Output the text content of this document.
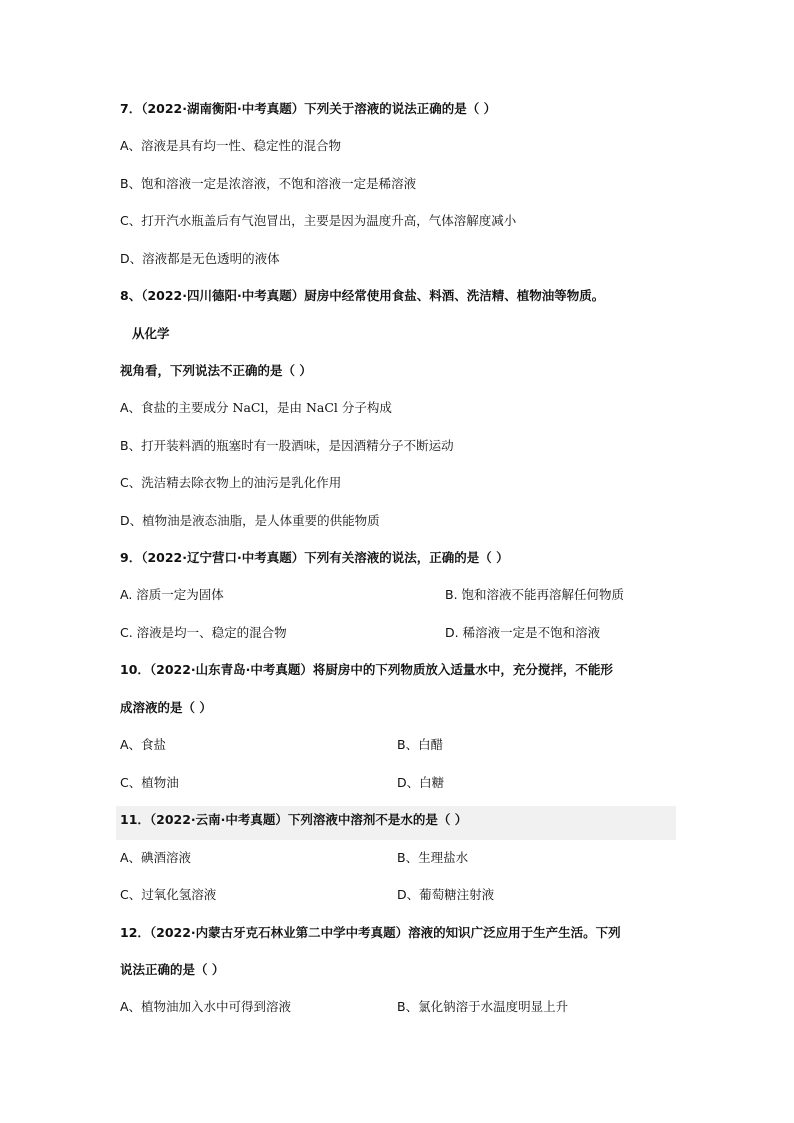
7．（2022·湖南衡阳·中考真题）下列关于溶液的说法正确的是（ ）
A、溶液是具有均一性、稳定性的混合物
B、饱和溶液一定是浓溶液，不饱和溶液一定是稀溶液
C、打开汽水瓶盖后有气泡冒出，主要是因为温度升高，气体溶解度减小
D、溶液都是无色透明的液体
8、（2022·四川德阳·中考真题）厨房中经常使用食盐、料酒、洗洁精、植物油等物质。
从化学
视角看，下列说法不正确的是（ ）
A、食盐的主要成分 NaCl，是由 NaCl 分子构成
B、打开装料酒的瓶塞时有一股酒味，是因酒精分子不断运动
C、洗洁精去除衣物上的油污是乳化作用
D、植物油是液态油脂，是人体重要的供能物质
9．（2022·辽宁营口·中考真题）下列有关溶液的说法，正确的是（ ）
A. 溶质一定为固体	B. 饱和溶液不能再溶解任何物质
C. 溶液是均一、稳定的混合物	D. 稀溶液一定是不饱和溶液
10．（2022·山东青岛·中考真题）将厨房中的下列物质放入适量水中，充分搅拌，不能形
成溶液的是（ ）
A、食盐	B、白醋
C、植物油	D、白糖
11．（2022·云南·中考真题）下列溶液中溶剂不是水的是（ ）
A、碘酒溶液	B、生理盐水
C、过氧化氢溶液	D、葡萄糖注射液
12．（2022·内蒙古牙克石林业第二中学中考真题）溶液的知识广泛应用于生产生活。下列
说法正确的是（ ）
A、植物油加入水中可得到溶液	B、氯化钠溶于水温度明显上升
